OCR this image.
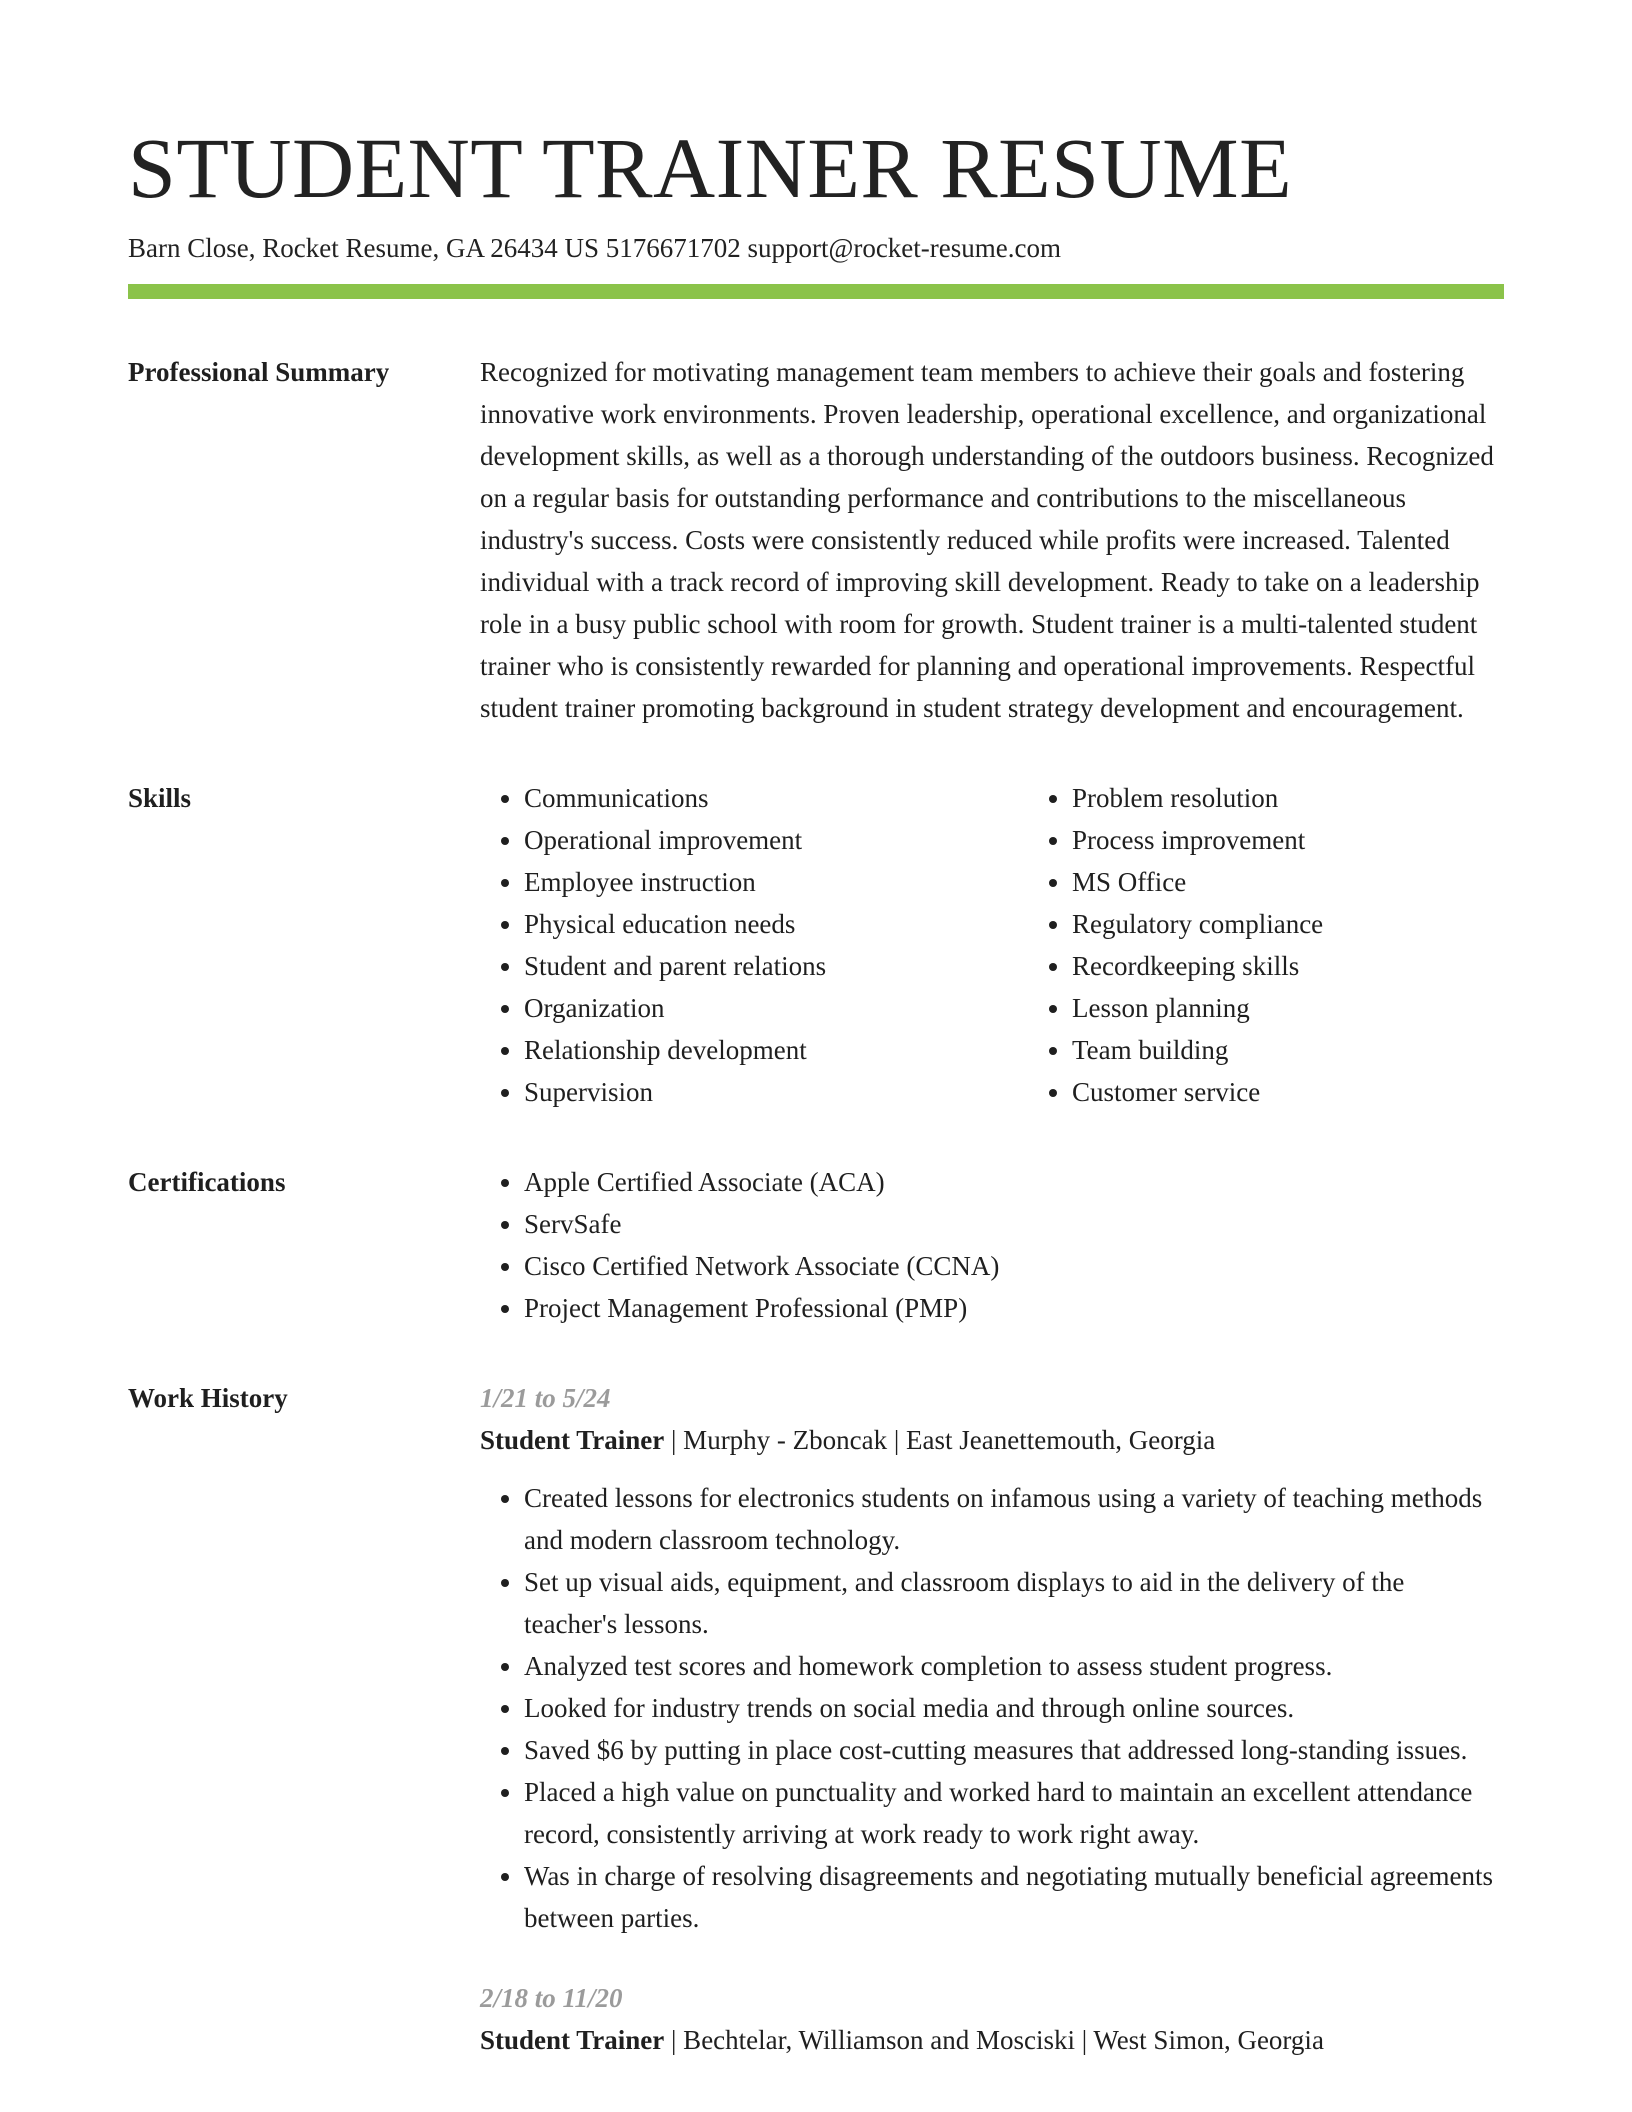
STUDENT TRAINER RESUME
Barn Close, Rocket Resume, GA 26434 US 5176671702 support@rocket-resume.com
Professional Summary	Recognized for motivating management team members to achieve their goals and fostering innovative work environments. Proven leadership, operational excellence, and organizational development skills, as well as a thorough understanding of the outdoors business. Recognized on a regular basis for outstanding performance and contributions to the miscellaneous industry's success. Costs were consistently reduced while profits were increased. Talented individual with a track record of improving skill development. Ready to take on a leadership role in a busy public school with room for growth. Student trainer is a multi-talented student trainer who is consistently rewarded for planning and operational improvements. Respectful student trainer promoting background in student strategy development and encouragement.

Skills	• Communications
• Operational improvement
• Employee instruction
• Physical education needs
• Student and parent relations
• Organization
• Relationship development
• Supervision
• Problem resolution
• Process improvement
• MS Office
• Regulatory compliance
• Recordkeeping skills
• Lesson planning
• Team building
• Customer service
Certifications	• Apple Certified Associate (ACA)
• ServSafe
• Cisco Certified Network Associate (CCNA)
• Project Management Professional (PMP)
Work History	1/21 to 5/24
Student Trainer | Murphy - Zboncak | East Jeanettemouth, Georgia
• Created lessons for electronics students on infamous using a variety of teaching methods and modern classroom technology.
• Set up visual aids, equipment, and classroom displays to aid in the delivery of the teacher's lessons.
• Analyzed test scores and homework completion to assess student progress.
• Looked for industry trends on social media and through online sources.
• Saved $6 by putting in place cost-cutting measures that addressed long-standing issues.
• Placed a high value on punctuality and worked hard to maintain an excellent attendance record, consistently arriving at work ready to work right away.
• Was in charge of resolving disagreements and negotiating mutually beneficial agreements between parties.
2/18 to 11/20
Student Trainer | Bechtelar, Williamson and Mosciski | West Simon, Georgia
